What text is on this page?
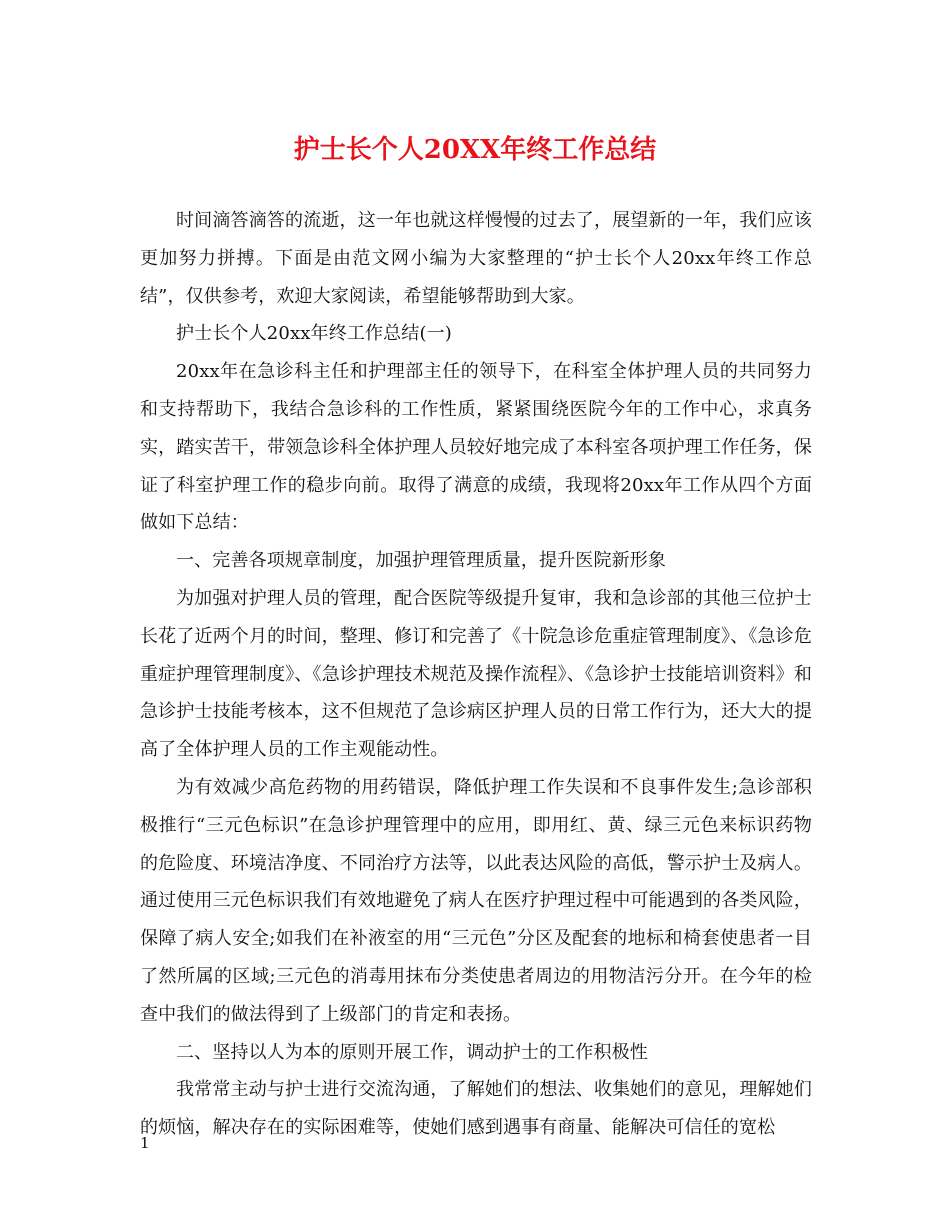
护士长个人20XX年终工作总结

时间滴答滴答的流逝，这一年也就这样慢慢的过去了，展望新的一年，我们应该更加努力拼搏。下面是由范文网小编为大家整理的“护士长个人20xx年终工作总结”，仅供参考，欢迎大家阅读，希望能够帮助到大家。

护士长个人20xx年终工作总结(一)

20xx年在急诊科主任和护理部主任的领导下，在科室全体护理人员的共同努力和支持帮助下，我结合急诊科的工作性质，紧紧围绕医院今年的工作中心，求真务实，踏实苦干，带领急诊科全体护理人员较好地完成了本科室各项护理工作任务，保证了科室护理工作的稳步向前。取得了满意的成绩，我现将20xx年工作从四个方面做如下总结：

一、完善各项规章制度，加强护理管理质量，提升医院新形象

为加强对护理人员的管理，配合医院等级提升复审，我和急诊部的其他三位护士长花了近两个月的时间，整理、修订和完善了《十院急诊危重症管理制度》、《急诊危重症护理管理制度》、《急诊护理技术规范及操作流程》、《急诊护士技能培训资料》和急诊护士技能考核本，这不但规范了急诊病区护理人员的日常工作行为，还大大的提高了全体护理人员的工作主观能动性。

为有效减少高危药物的用药错误，降低护理工作失误和不良事件发生;急诊部积极推行“三元色标识”在急诊护理管理中的应用，即用红、黄、绿三元色来标识药物的危险度、环境洁净度、不同治疗方法等，以此表达风险的高低，警示护士及病人。通过使用三元色标识我们有效地避免了病人在医疗护理过程中可能遇到的各类风险，保障了病人安全;如我们在补液室的用“三元色”分区及配套的地标和椅套使患者一目了然所属的区域;三元色的消毒用抹布分类使患者周边的用物洁污分开。在今年的检查中我们的做法得到了上级部门的肯定和表扬。

二、坚持以人为本的原则开展工作，调动护士的工作积极性

我常常主动与护士进行交流沟通，了解她们的想法、收集她们的意见，理解她们的烦恼，解决存在的实际困难等，使她们感到遇事有商量、能解决可信任的宽松

1
